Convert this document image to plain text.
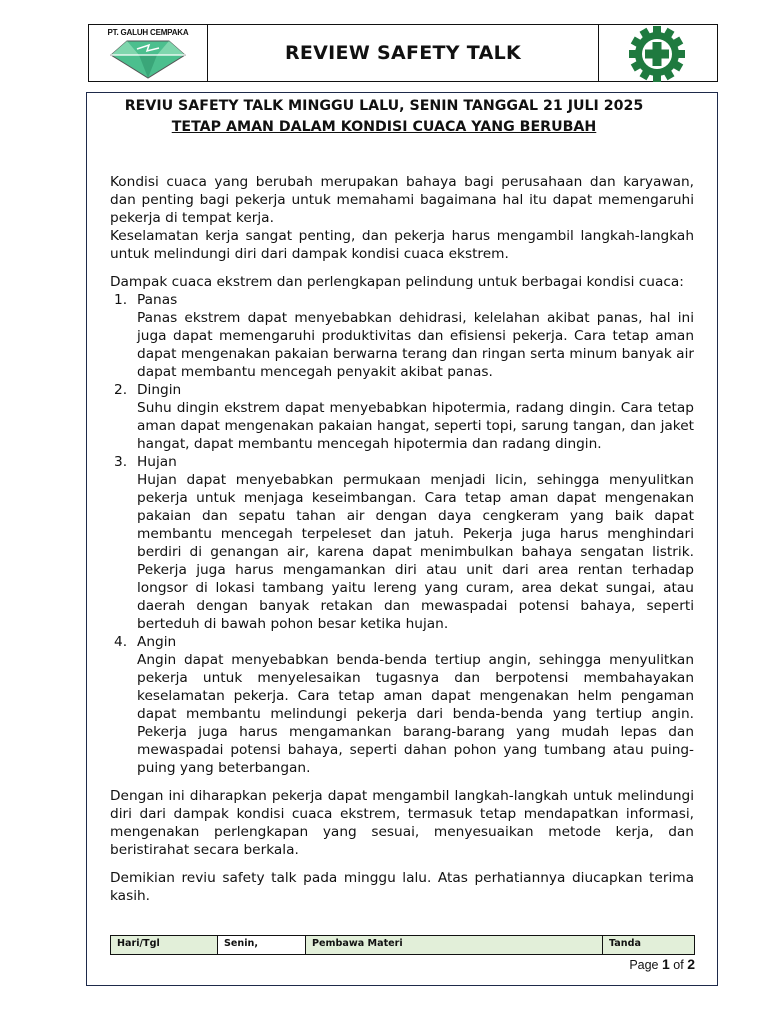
PT. GALUH CEMPAKA
REVIEW SAFETY TALK
REVIU SAFETY TALK MINGGU LALU, SENIN TANGGAL 21 JULI 2025
TETAP AMAN DALAM KONDISI CUACA YANG BERUBAH

Kondisi cuaca yang berubah merupakan bahaya bagi perusahaan dan karyawan, dan penting bagi pekerja untuk memahami bagaimana hal itu dapat memengaruhi pekerja di tempat kerja.

Keselamatan kerja sangat penting, dan pekerja harus mengambil langkah-langkah untuk melindungi diri dari dampak kondisi cuaca ekstrem.

Dampak cuaca ekstrem dan perlengkapan pelindung untuk berbagai kondisi cuaca:

1. Panas
Panas ekstrem dapat menyebabkan dehidrasi, kelelahan akibat panas, hal ini juga dapat memengaruhi produktivitas dan efisiensi pekerja. Cara tetap aman dapat mengenakan pakaian berwarna terang dan ringan serta minum banyak air dapat membantu mencegah penyakit akibat panas.
2. Dingin
Suhu dingin ekstrem dapat menyebabkan hipotermia, radang dingin. Cara tetap aman dapat mengenakan pakaian hangat, seperti topi, sarung tangan, dan jaket hangat, dapat membantu mencegah hipotermia dan radang dingin.
3. Hujan
Hujan dapat menyebabkan permukaan menjadi licin, sehingga menyulitkan pekerja untuk menjaga keseimbangan. Cara tetap aman dapat mengenakan pakaian dan sepatu tahan air dengan daya cengkeram yang baik dapat membantu mencegah terpeleset dan jatuh. Pekerja juga harus menghindari berdiri di genangan air, karena dapat menimbulkan bahaya sengatan listrik. Pekerja juga harus mengamankan diri atau unit dari area rentan terhadap longsor di lokasi tambang yaitu lereng yang curam, area dekat sungai, atau daerah dengan banyak retakan dan mewaspadai potensi bahaya, seperti berteduh di bawah pohon besar ketika hujan.
4. Angin
Angin dapat menyebabkan benda-benda tertiup angin, sehingga menyulitkan pekerja untuk menyelesaikan tugasnya dan berpotensi membahayakan keselamatan pekerja. Cara tetap aman dapat mengenakan helm pengaman dapat membantu melindungi pekerja dari benda-benda yang tertiup angin. Pekerja juga harus mengamankan barang-barang yang mudah lepas dan mewaspadai potensi bahaya, seperti dahan pohon yang tumbang atau puing-puing yang beterbangan.

Dengan ini diharapkan pekerja dapat mengambil langkah-langkah untuk melindungi diri dari dampak kondisi cuaca ekstrem, termasuk tetap mendapatkan informasi, mengenakan perlengkapan yang sesuai, menyesuaikan metode kerja, dan beristirahat secara berkala.

Demikian reviu safety talk pada minggu lalu. Atas perhatiannya diucapkan terima kasih.

Hari/Tgl	Senin,	Pembawa Materi	Tanda
Page 1 of 2
